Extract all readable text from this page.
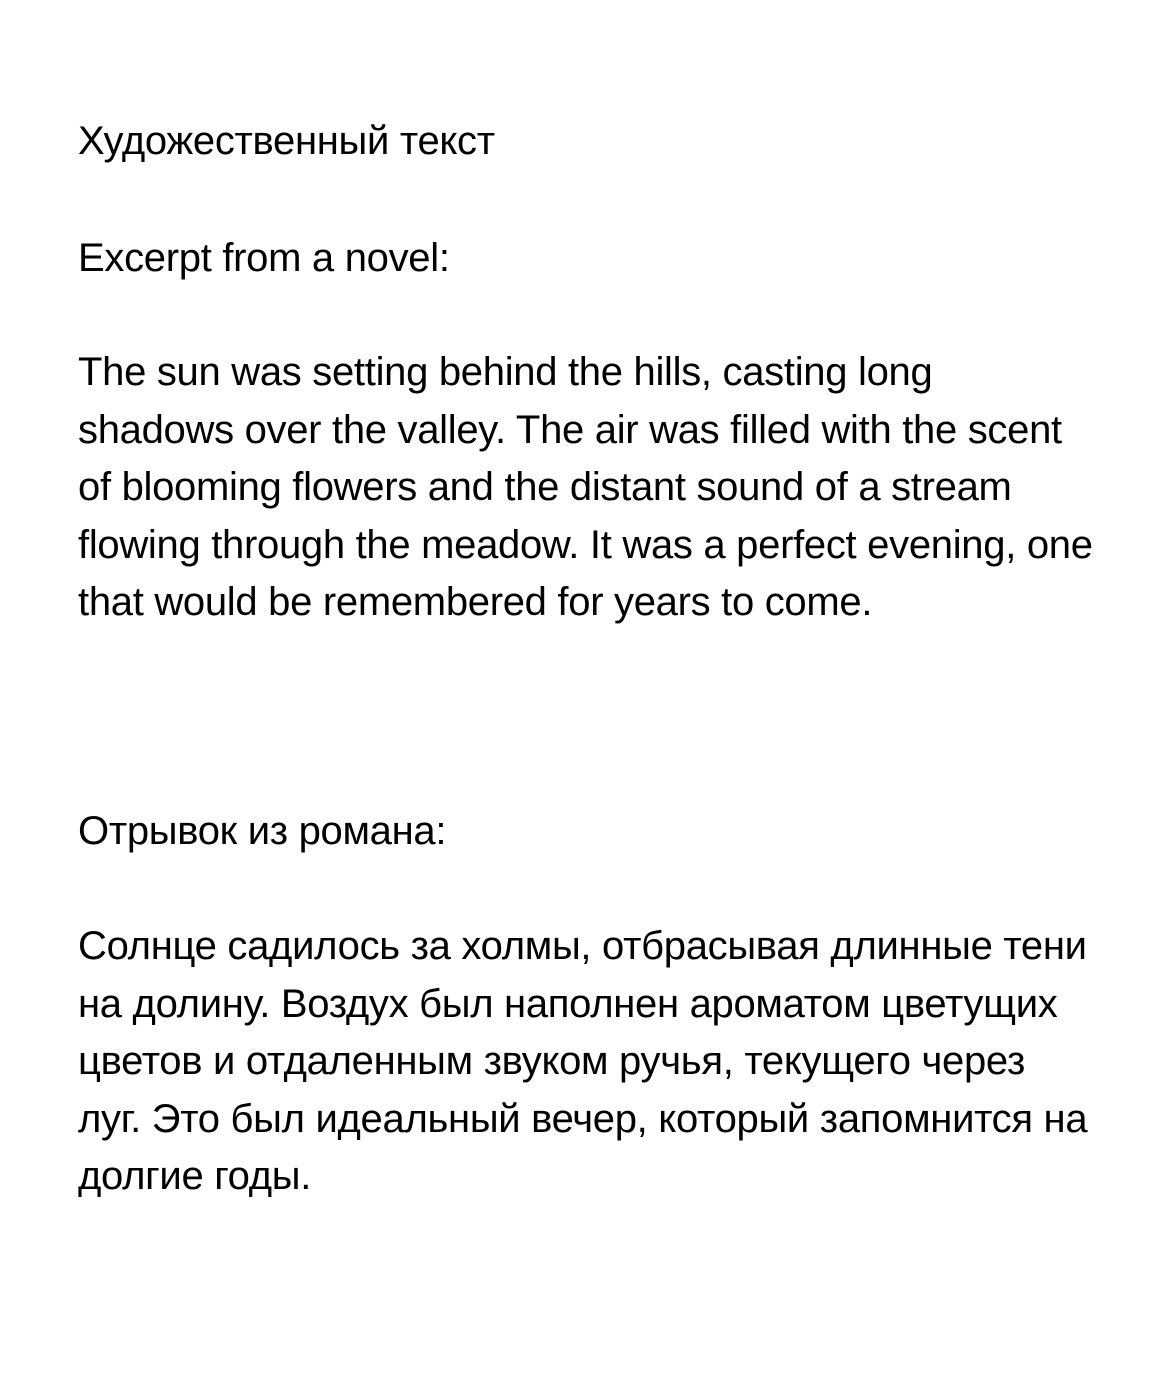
Художественный текст

Excerpt from a novel:

The sun was setting behind the hills, casting long shadows over the valley. The air was filled with the scent of blooming flowers and the distant sound of a stream flowing through the meadow. It was a perfect evening, one that would be remembered for years to come.

Отрывок из романа:

Солнце садилось за холмы, отбрасывая длинные тени на долину. Воздух был наполнен ароматом цветущих цветов и отдаленным звуком ручья, текущего через луг. Это был идеальный вечер, который запомнится на долгие годы.
